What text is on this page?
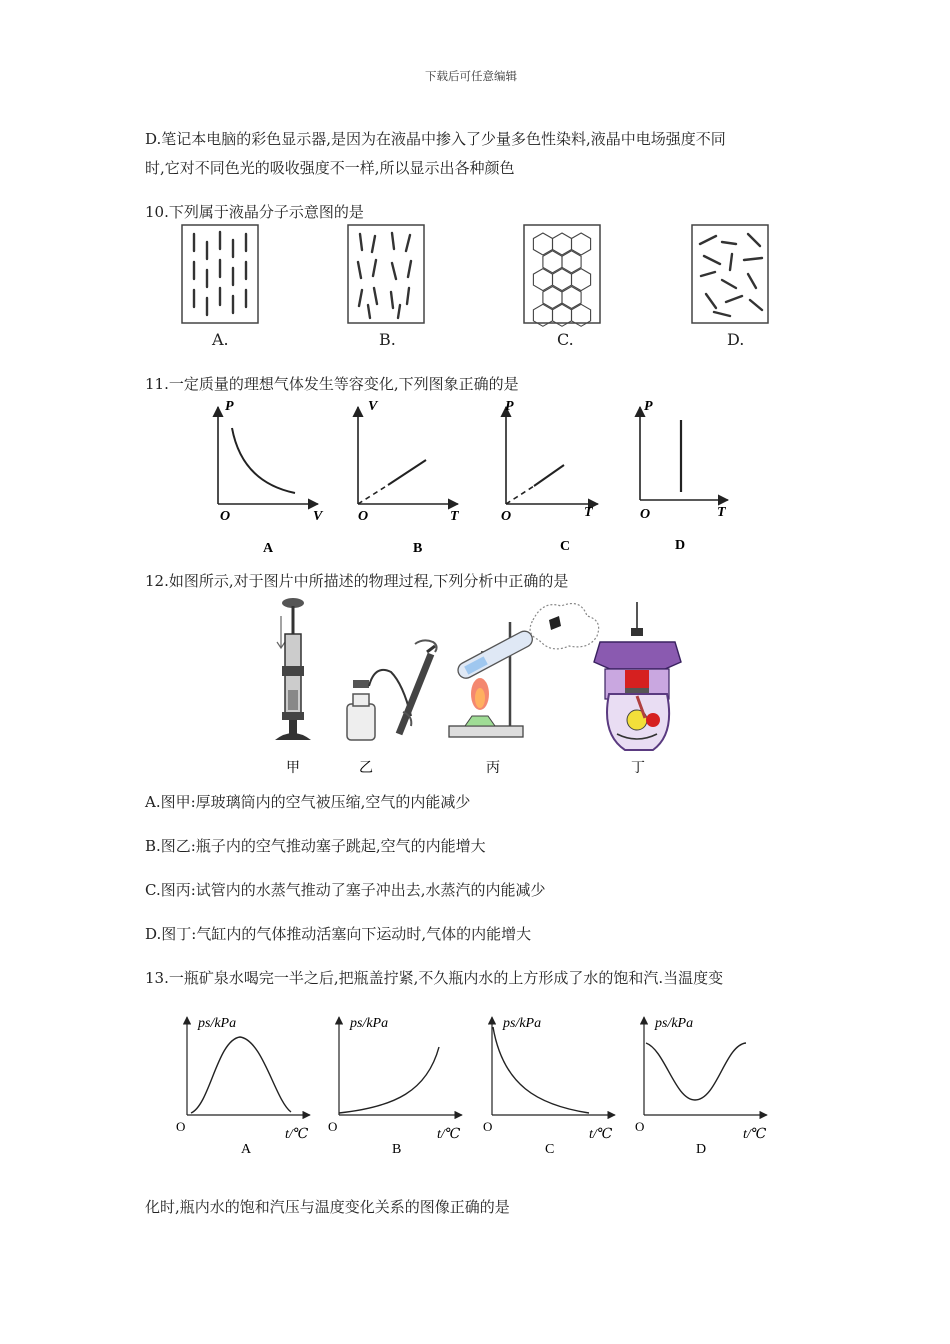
下载后可任意编辑
D.笔记本电脑的彩色显示器,是因为在液晶中掺入了少量多色性染料,液晶中电场强度不同
时,它对不同色光的吸收强度不一样,所以显示出各种颜色
10.下列属于液晶分子示意图的是
A.	B.	C.	D.
11.一定质量的理想气体发生等容变化,下列图象正确的是
P
V
O
A
V
T
O
B
P
T
O
C
P
T
O
D
12.如图所示,对于图片中所描述的物理过程,下列分析中正确的是
甲	乙	丙	丁
A.图甲:厚玻璃筒内的空气被压缩,空气的内能减少
B.图乙:瓶子内的空气推动塞子跳起,空气的内能增大
C.图丙:试管内的水蒸气推动了塞子冲出去,水蒸汽的内能减少
D.图丁:气缸内的气体推动活塞向下运动时,气体的内能增大
13.一瓶矿泉水喝完一半之后,把瓶盖拧紧,不久瓶内水的上方形成了水的饱和汽.当温度变
ps/kPa
t/℃
O
A
ps/kPa
t/℃
O
B
ps/kPa
t/℃
O
C
ps/kPa
t/℃
O
D
化时,瓶内水的饱和汽压与温度变化关系的图像正确的是
